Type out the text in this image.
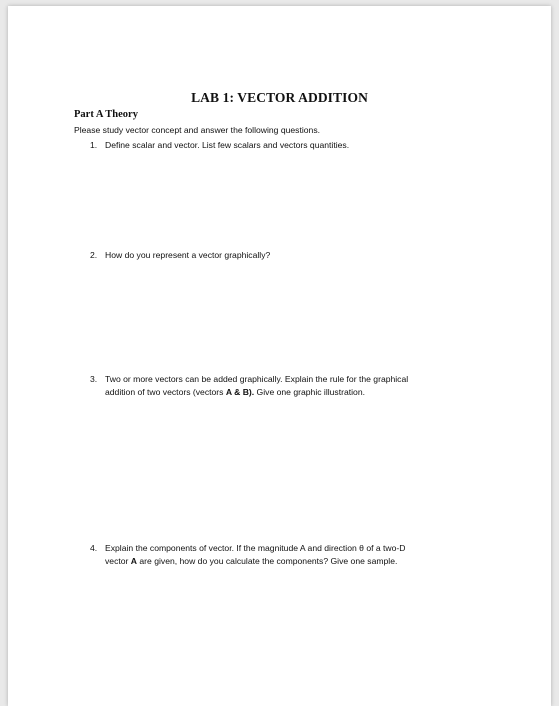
LAB 1: VECTOR ADDITION
Part A Theory
Please study vector concept and answer the following questions.
1. Define scalar and vector. List few scalars and vectors quantities.
2. How do you represent a vector graphically?
3. Two or more vectors can be added graphically. Explain the rule for the graphical
addition of two vectors (vectors A & B). Give one graphic illustration.
4. Explain the components of vector. If the magnitude A and direction θ of a two-D
vector A are given, how do you calculate the components? Give one sample.
